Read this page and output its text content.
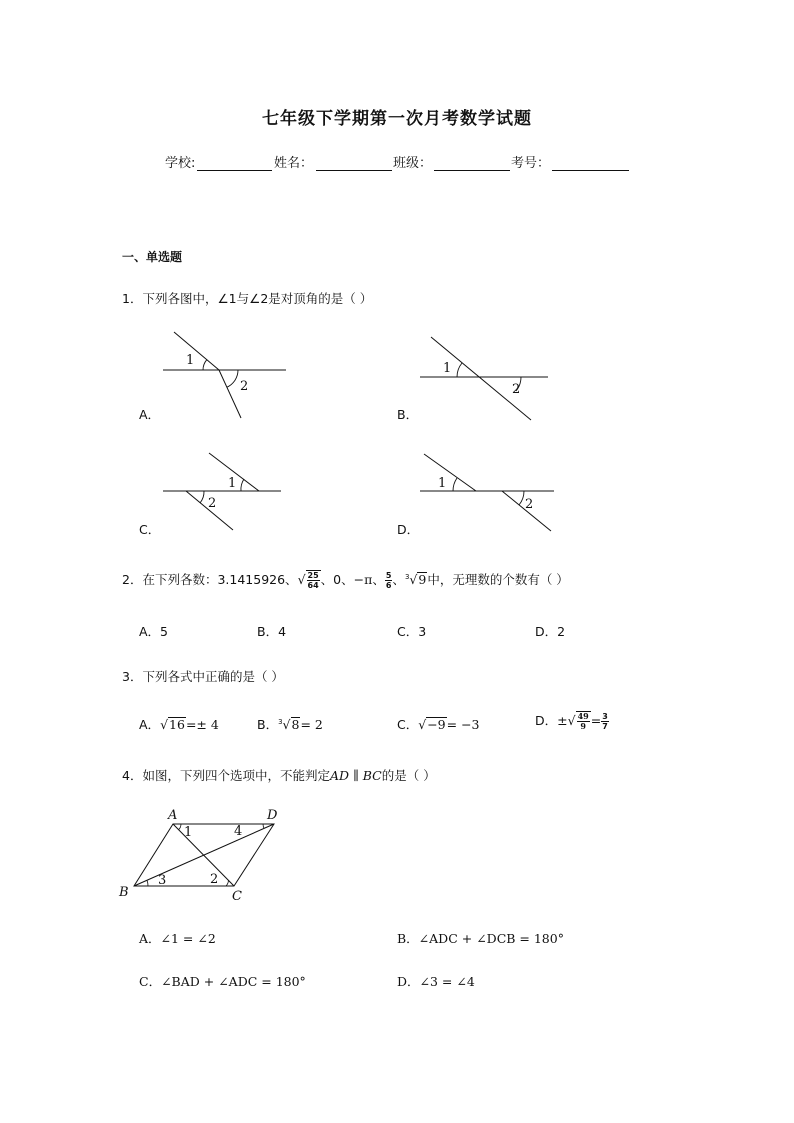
七年级下学期第一次月考数学试题
学校:	姓名：	班级：	考号：
一、单选题
1．下列各图中，∠1与∠2是对顶角的是（ ）
1
2
A．
1
2
B．
1
2
C．
1
2
D．
2．在下列各数：3.1415926、√ $\frac{25}{64}$ 、0、−π、 $\frac{5}{6}$ 、$^3$√9中，无理数的个数有（ ）
A．5	B．4	C．3	D．2
3．下列各式中正确的是（ ）
A．√16=± 4	B．$^3$√8= 2	C．√−9= −3	D．±√ $\frac{49}{9} = \frac{3}{7}$
4．如图，下列四个选项中，不能判定AD ∥ BC的是（ ）
A	D
B	C
1	4
3	2
A．∠1 = ∠2	B．∠ADC + ∠DCB = 180°
C．∠BAD + ∠ADC = 180°	D．∠3 = ∠4
